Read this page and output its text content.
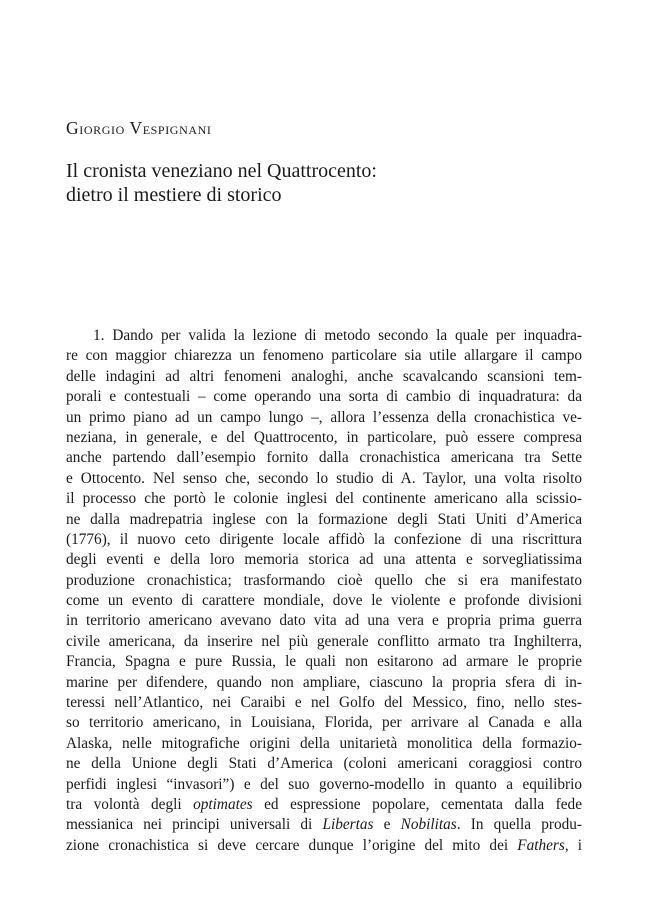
Giorgio Vespignani
Il cronista veneziano nel Quattrocento:
dietro il mestiere di storico
1. Dando per valida la lezione di metodo secondo la quale per inquadra-
re con maggior chiarezza un fenomeno particolare sia utile allargare il campo
delle indagini ad altri fenomeni analoghi, anche scavalcando scansioni tem-
porali e contestuali – come operando una sorta di cambio di inquadratura: da
un primo piano ad un campo lungo –, allora l’essenza della cronachistica ve-
neziana, in generale, e del Quattrocento, in particolare, può essere compresa
anche partendo dall’esempio fornito dalla cronachistica americana tra Sette
e Ottocento. Nel senso che, secondo lo studio di A. Taylor, una volta risolto
il processo che portò le colonie inglesi del continente americano alla scissio-
ne dalla madrepatria inglese con la formazione degli Stati Uniti d’America
(1776), il nuovo ceto dirigente locale affidò la confezione di una riscrittura
degli eventi e della loro memoria storica ad una attenta e sorvegliatissima
produzione cronachistica; trasformando cioè quello che si era manifestato
come un evento di carattere mondiale, dove le violente e profonde divisioni
in territorio americano avevano dato vita ad una vera e propria prima guerra
civile americana, da inserire nel più generale conflitto armato tra Inghilterra,
Francia, Spagna e pure Russia, le quali non esitarono ad armare le proprie
marine per difendere, quando non ampliare, ciascuno la propria sfera di in-
teressi nell’Atlantico, nei Caraibi e nel Golfo del Messico, fino, nello stes-
so territorio americano, in Louisiana, Florida, per arrivare al Canada e alla
Alaska, nelle mitografiche origini della unitarietà monolitica della formazio-
ne della Unione degli Stati d’America (coloni americani coraggiosi contro
perfidi inglesi “invasori”) e del suo governo-modello in quanto a equilibrio
tra volontà degli optimates ed espressione popolare, cementata dalla fede
messianica nei principi universali di Libertas e Nobilitas. In quella produ-
zione cronachistica si deve cercare dunque l’origine del mito dei Fathers, i
